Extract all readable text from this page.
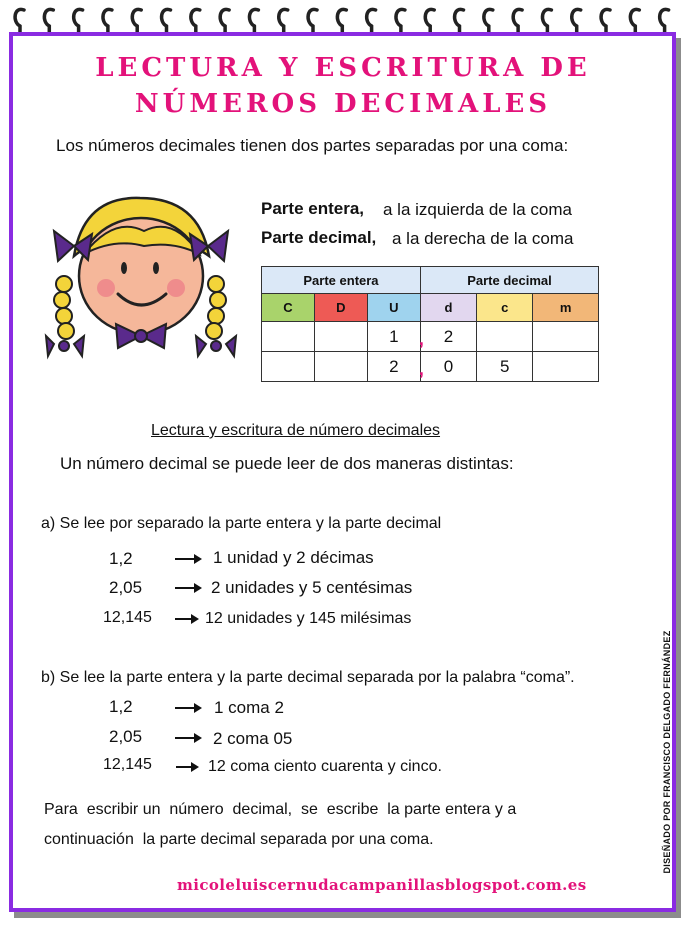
LECTURA Y ESCRITURA DE
NÚMEROS DECIMALES

Los números decimales tienen dos partes separadas por una coma:

Parte entera, a la izquierda de la coma

Parte decimal, a la derecha de la coma

Parte entera			Parte decimal		
C	D	U	d	c	m
		1 ,	2		
		2 ,	0	5	

Lectura y escritura de número decimales

Un número decimal se puede leer de dos maneras distintas:

a) Se lee por separado la parte entera y la parte decimal

1,2	1 unidad y 2 décimas

2,05	2 unidades y 5 centésimas

12,145	12 unidades y 145 milésimas

b) Se lee la parte entera y la parte decimal separada por la palabra “coma”.

1,2	1 coma 2

2,05	2 coma 05

12,145	12 coma ciento cuarenta y cinco.

Para  escribir un  número  decimal,  se  escribe  la parte entera y a

continuación  la parte decimal separada por una coma.

micoleluiscernudacampanillasblogspot.com.es

DISEÑADO POR FRANCISCO DELGADO FERNÁNDEZ
